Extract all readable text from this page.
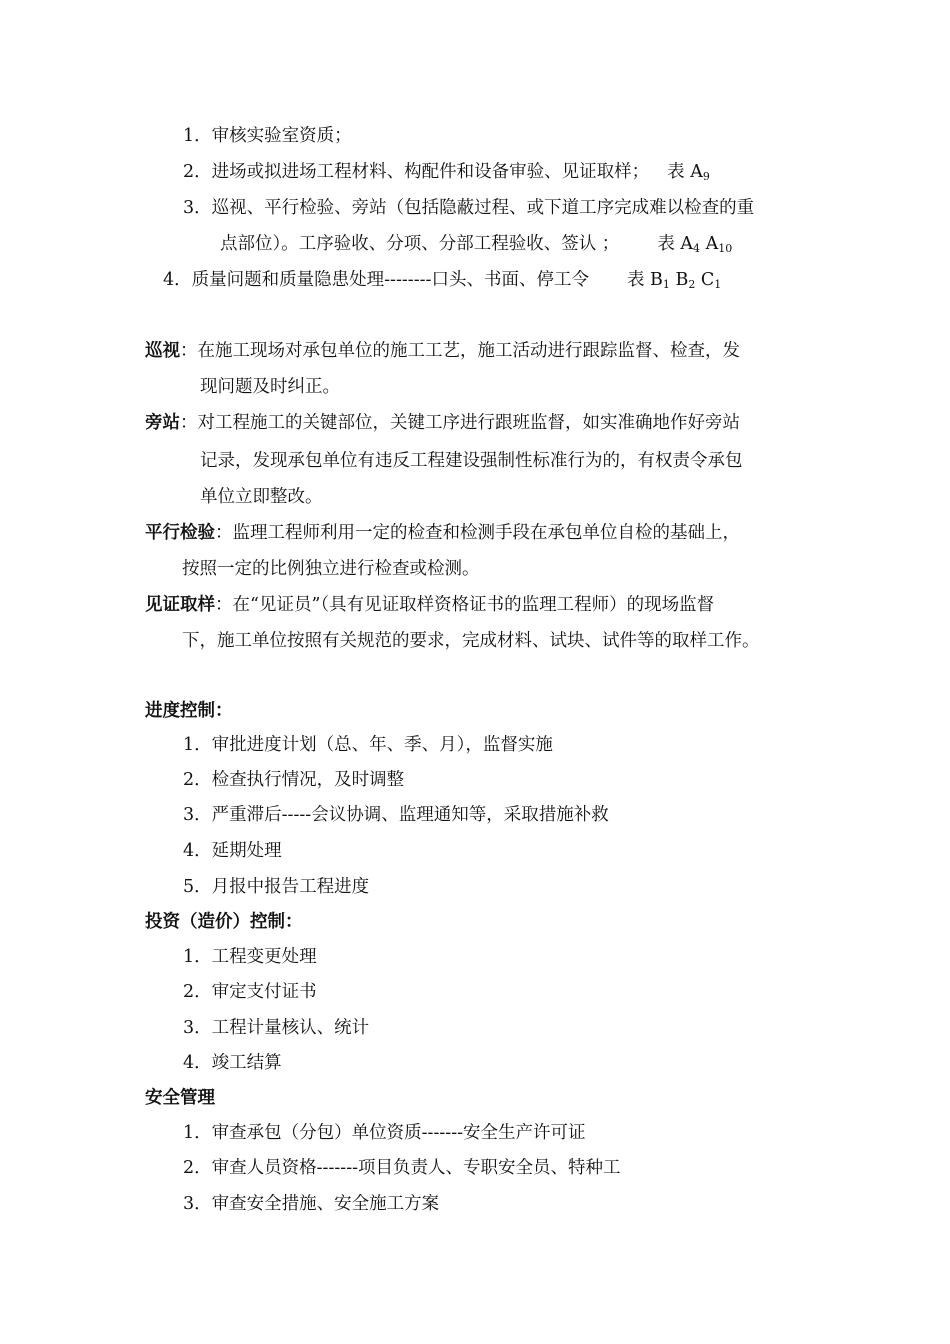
1．审核实验室资质；
2．进场或拟进场工程材料、构配件和设备审验、见证取样； 表 $A_9$
3．巡视、平行检验、旁站（包括隐蔽过程、或下道工序完成难以检查的重
点部位）。工序验收、分项、分部工程验收、签认 ； 表 $A_4$ $A_{10}$
4．质量问题和质量隐患处理--------口头、书面、停工令 表 $B_1$ $B_2$ $C_1$
巡视：在施工现场对承包单位的施工工艺，施工活动进行跟踪监督、检查，发
现问题及时纠正。
旁站：对工程施工的关键部位，关键工序进行跟班监督，如实准确地作好旁站
记录，发现承包单位有违反工程建设强制性标准行为的，有权责令承包
单位立即整改。
平行检验：监理工程师利用一定的检查和检测手段在承包单位自检的基础上，
按照一定的比例独立进行检查或检测。
见证取样：在“见证员”（具有见证取样资格证书的监理工程师）的现场监督
下，施工单位按照有关规范的要求，完成材料、试块、试件等的取样工作。
进度控制：
1．审批进度计划（总、年、季、月），监督实施
2．检查执行情况，及时调整
3．严重滞后-----会议协调、监理通知等，采取措施补救
4．延期处理
5．月报中报告工程进度
投资（造价）控制：
1．工程变更处理
2．审定支付证书
3．工程计量核认、统计
4．竣工结算
安全管理
1．审查承包（分包）单位资质-------安全生产许可证
2．审查人员资格-------项目负责人、专职安全员、特种工
3．审查安全措施、安全施工方案
